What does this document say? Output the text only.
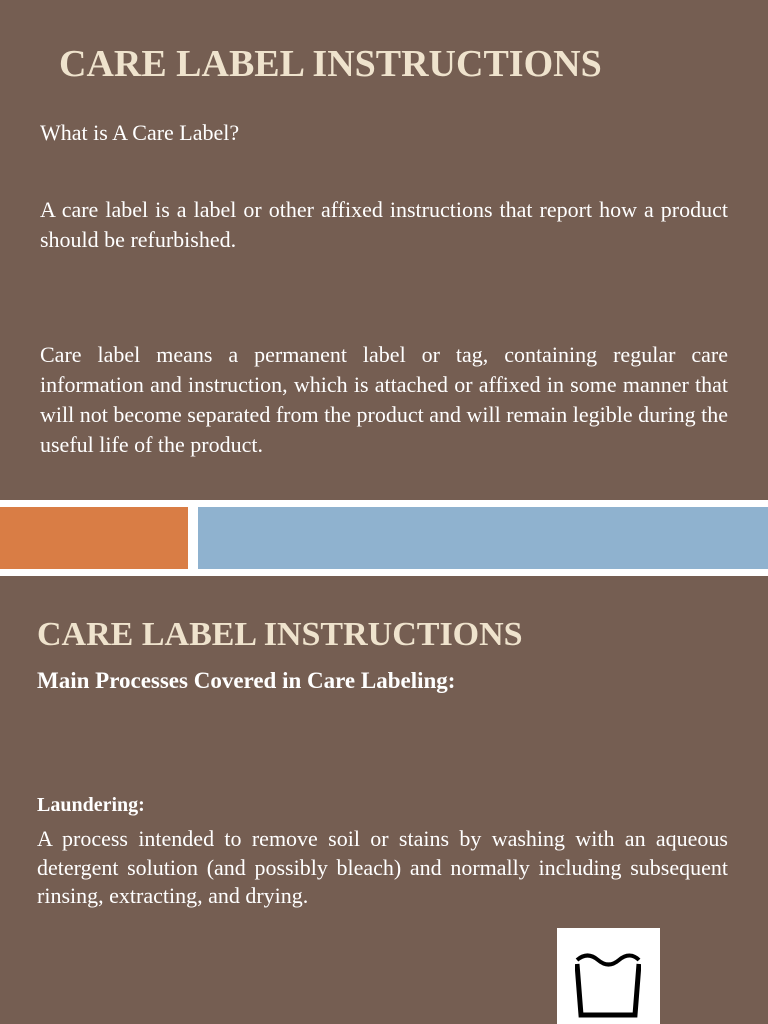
CARE LABEL INSTRUCTIONS

What is A Care Label?

A care label is a label or other affixed instructions that report how a product should be refurbished.

Care label means a permanent label or tag, containing regular care information and instruction, which is attached or affixed in some manner that will not become separated from the product and will remain legible during the useful life of the product.

CARE LABEL INSTRUCTIONS

Main Processes Covered in Care Labeling:

Laundering:

A process intended to remove soil or stains by washing with an aqueous detergent solution (and possibly bleach) and normally including subsequent rinsing, extracting, and drying.
